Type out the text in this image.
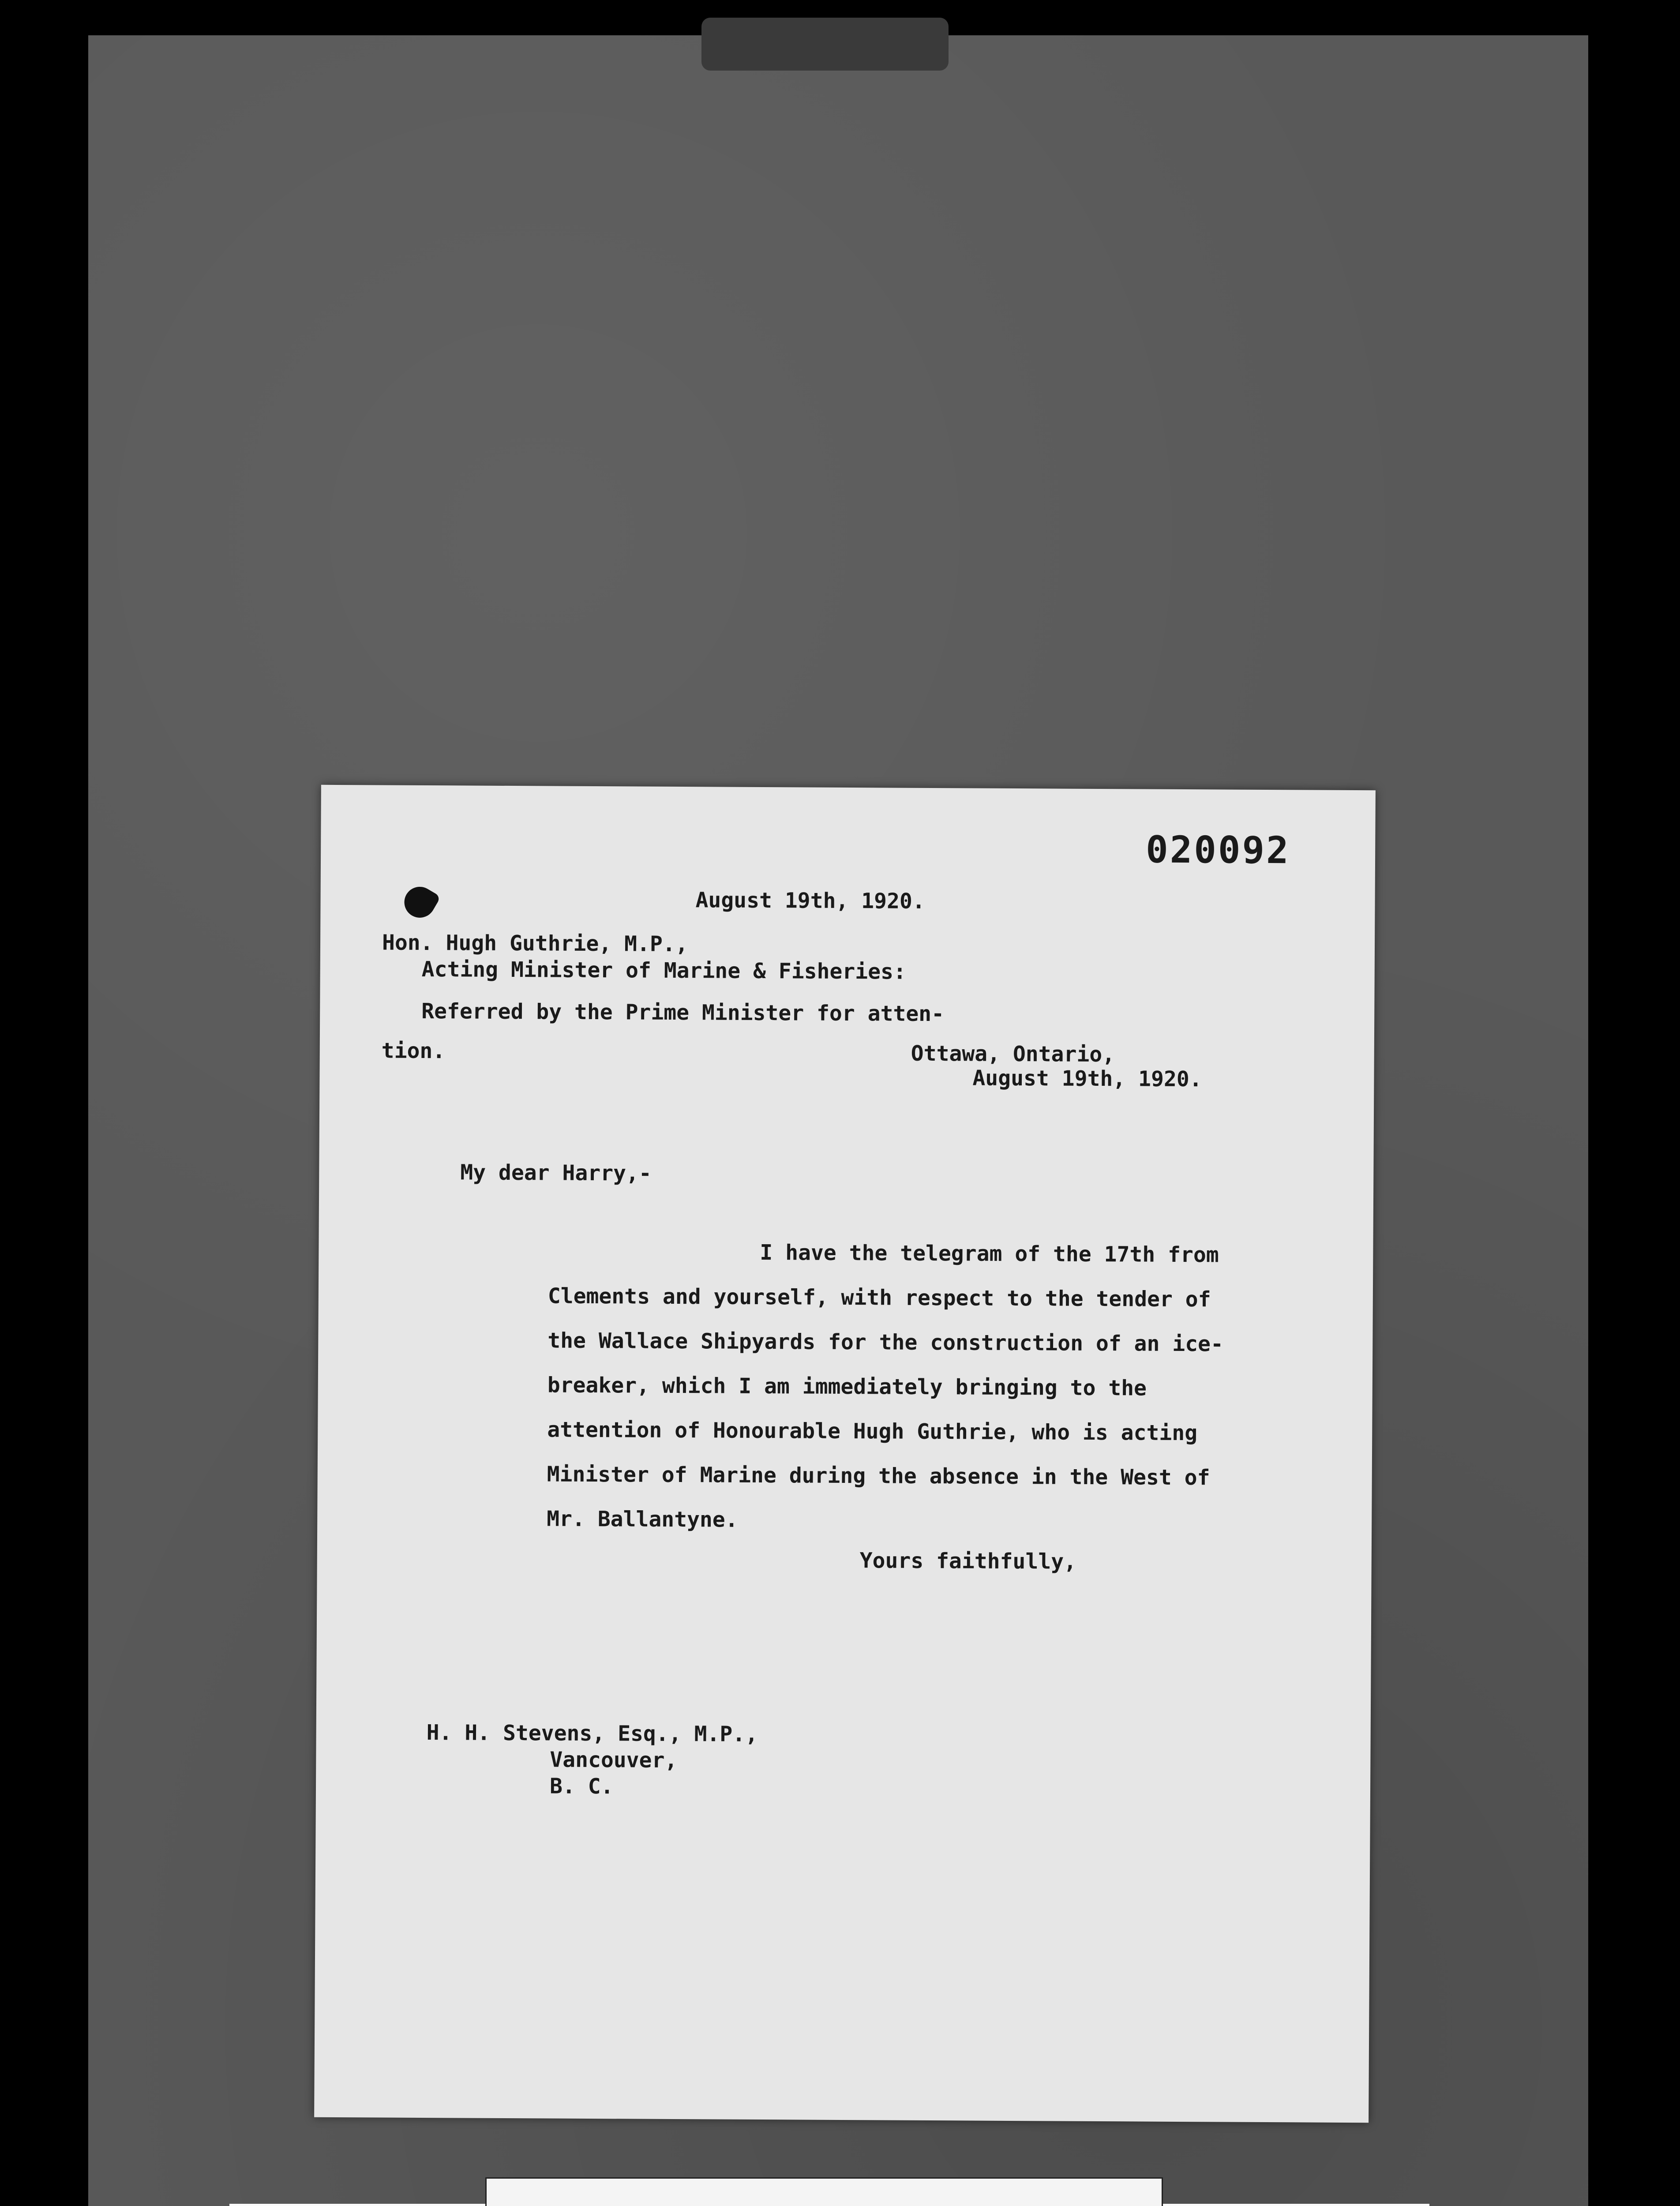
020092
August 19th, 1920.
Hon. Hugh Guthrie, M.P.,
Acting Minister of Marine & Fisheries:
Referred by the Prime Minister for atten-
tion.	Ottawa, Ontario,
August 19th, 1920.
My dear Harry,-
I have the telegram of the 17th from Clements and yourself, with respect to the tender of the Wallace Shipyards for the construction of an ice-breaker, which I am immediately bringing to the attention of Honourable Hugh Guthrie, who is acting Minister of Marine during the absence in the West of Mr. Ballantyne.
Yours faithfully,
H. H. Stevens, Esq., M.P.,
Vancouver,
B. C.
